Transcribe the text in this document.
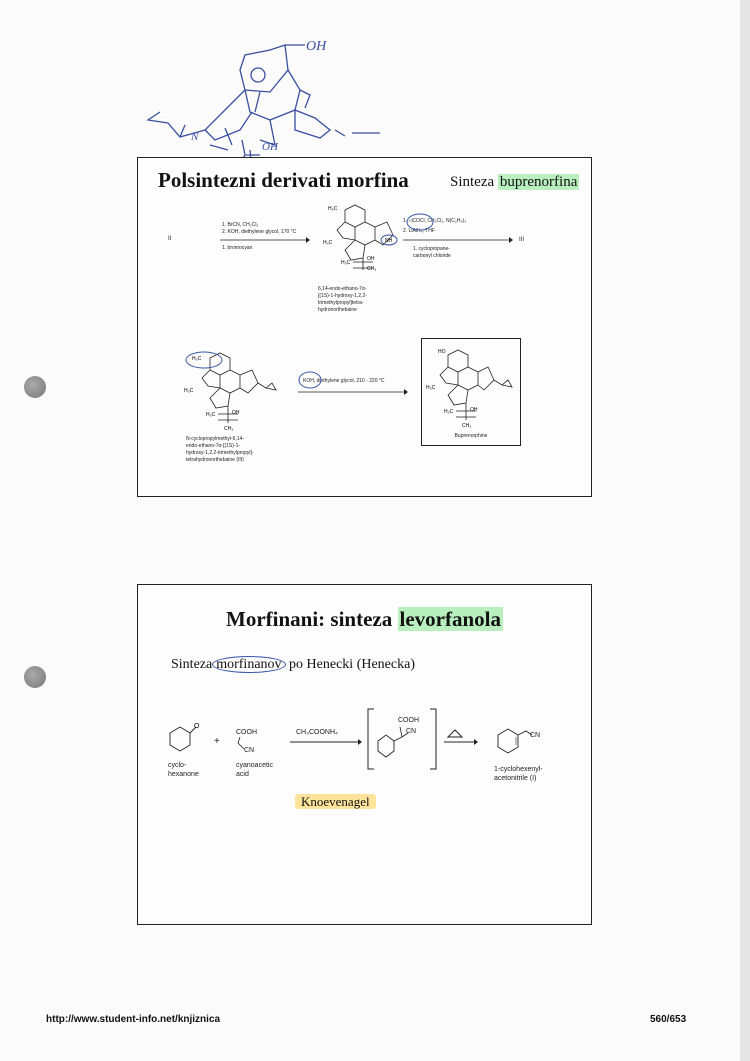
OH
OH
N
Polsintezni derivati morfina	Sinteza buprenorfina
II
1. BrCN, CH₂Cl₂
2. KOH, diethylene glycol, 170 °C
1. bromocyan
H₃C
H₃C
H₃C
OH
CH₃
NH
6,14-endo-ethano-7α-
[(1S)-1-hydroxy-1,2,2-
trimethylpropyl]tetra-
hydronorthebaine
1. ◁COCl, CH₂Cl₂, N(C₂H₅)₃
2. LiAlH₄, THF
1. cyclopropane-
carbonyl chloride
III
H₃C
H₃C
H₃C	OH
CH₃
N-cyclopropylmethyl-6,14-
endo-ethano-7α-[(1S)-1-
hydroxy-1,2,2-trimethylpropyl]-
tetrahydronorthebaine (III)
KOH, diethylene glycol, 210 - 220 °C
HO
H₃C
H₃C	OH
CH₃
Buprenorphine
Morfinani: sinteza levorfanola
Sinteza morfinanov po Henecki (Henecka)
O
cyclo-
hexanone
+
COOH
CN
cyanoacetic
acid
CH₃COONH₄
COOH
CN
CN
1-cyclohexenyl-
acetonitrile (I)
Knoevenagel
http://www.student-info.net/knjiznica	560/653
